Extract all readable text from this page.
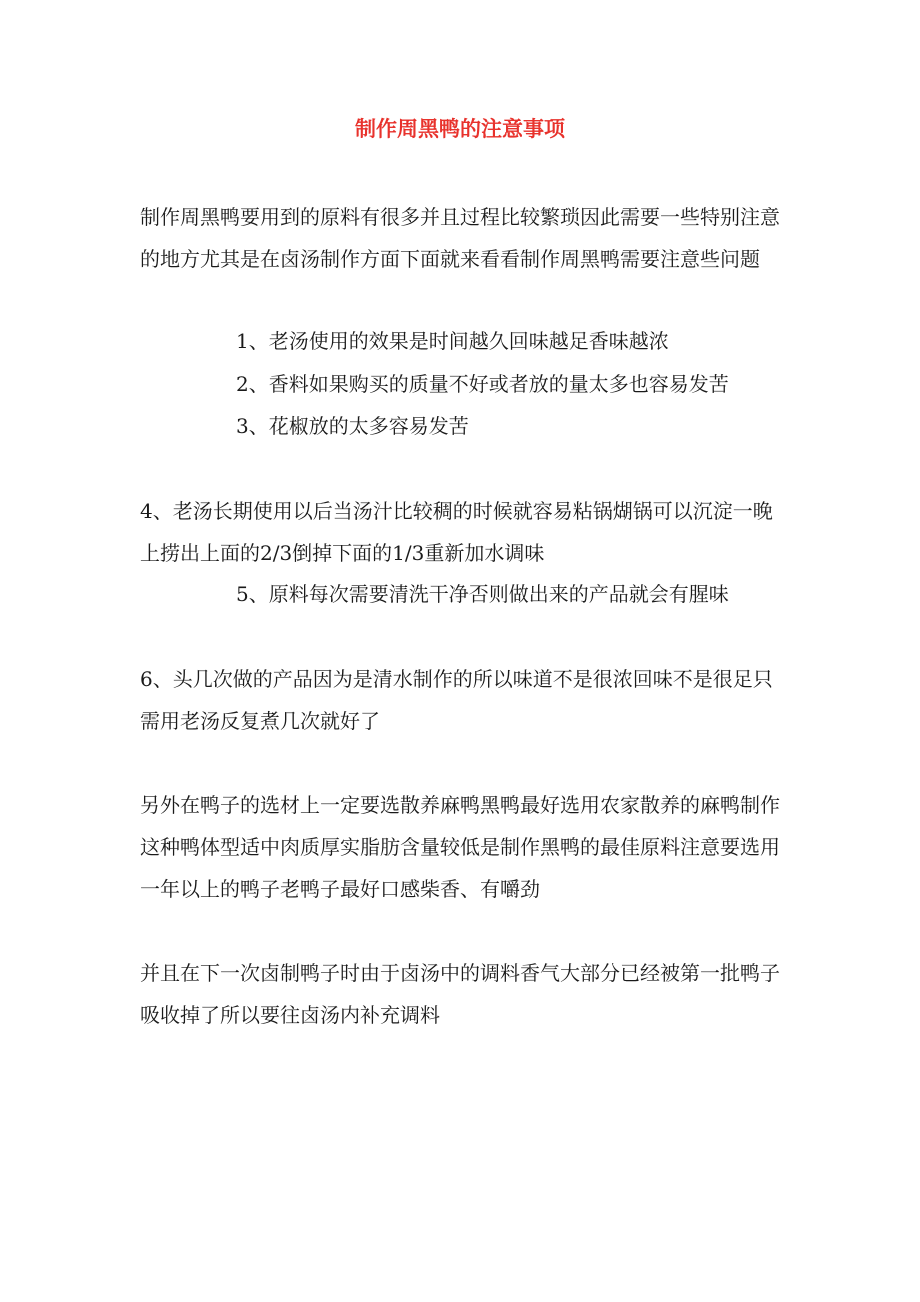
制作周黑鸭的注意事项

制作周黑鸭要用到的原料有很多并且过程比较繁琐因此需要一些特别注意的地方尤其是在卤汤制作方面下面就来看看制作周黑鸭需要注意些问题

1、老汤使用的效果是时间越久回味越足香味越浓

2、香料如果购买的质量不好或者放的量太多也容易发苦

3、花椒放的太多容易发苦

4、老汤长期使用以后当汤汁比较稠的时候就容易粘锅煳锅可以沉淀一晚上捞出上面的2/3倒掉下面的1/3重新加水调味

5、原料每次需要清洗干净否则做出来的产品就会有腥味

6、头几次做的产品因为是清水制作的所以味道不是很浓回味不是很足只需用老汤反复煮几次就好了

另外在鸭子的选材上一定要选散养麻鸭黑鸭最好选用农家散养的麻鸭制作这种鸭体型适中肉质厚实脂肪含量较低是制作黑鸭的最佳原料注意要选用一年以上的鸭子老鸭子最好口感柴香、有嚼劲

并且在下一次卤制鸭子时由于卤汤中的调料香气大部分已经被第一批鸭子吸收掉了所以要往卤汤内补充调料
